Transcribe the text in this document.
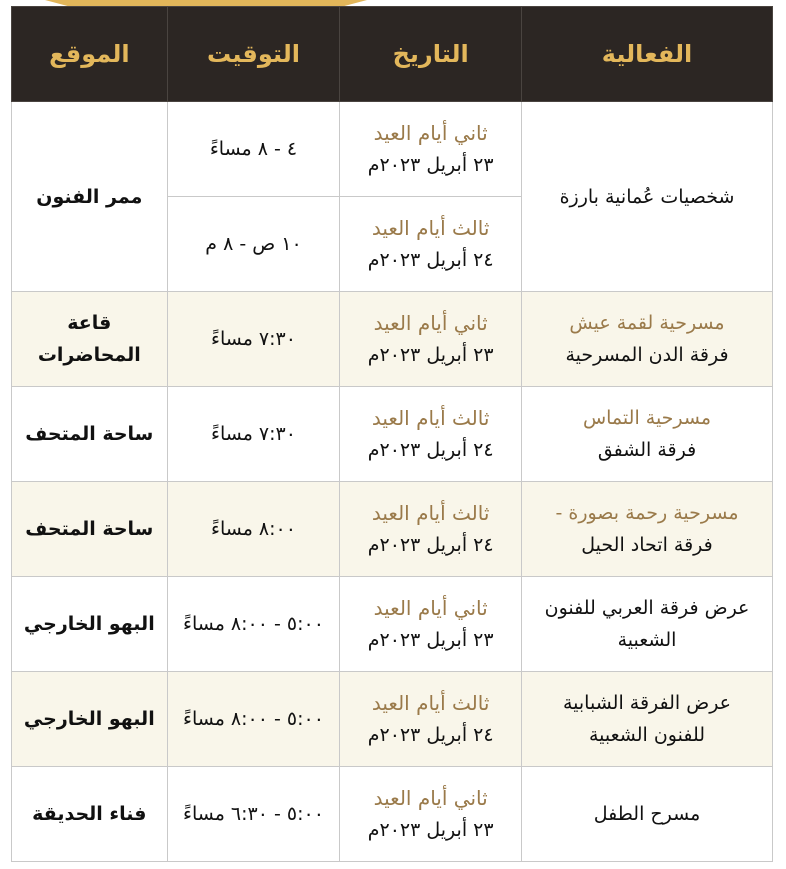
الفعالية	التاريخ	التوقيت	الموقع

شخصيات عُمانية بارزة	ثاني أيام العيد
٢٣ أبريل ٢٠٢٣م	٤ - ٨ مساءً	ممر الفنون

	ثالث أيام العيد
٢٤ أبريل ٢٠٢٣م	١٠ ص - ٨ م	

مسرحية لقمة عيش
فرقة الدن المسرحية	ثاني أيام العيد
٢٣ أبريل ٢٠٢٣م	٧:٣٠ مساءً	قاعة المحاضرات

مسرحية التماس
فرقة الشفق	ثالث أيام العيد
٢٤ أبريل ٢٠٢٣م	٧:٣٠ مساءً	ساحة المتحف

مسرحية رحمة بصورة -
فرقة اتحاد الحيل	ثالث أيام العيد
٢٤ أبريل ٢٠٢٣م	٨:٠٠ مساءً	ساحة المتحف

عرض فرقة العربي للفنون
الشعبية	ثاني أيام العيد
٢٣ أبريل ٢٠٢٣م	٥:٠٠ - ٨:٠٠ مساءً	البهو الخارجي

عرض الفرقة الشبابية
للفنون الشعبية	ثالث أيام العيد
٢٤ أبريل ٢٠٢٣م	٥:٠٠ - ٨:٠٠ مساءً	البهو الخارجي

مسرح الطفل	ثاني أيام العيد
٢٣ أبريل ٢٠٢٣م	٥:٠٠ - ٦:٣٠ مساءً	فناء الحديقة
